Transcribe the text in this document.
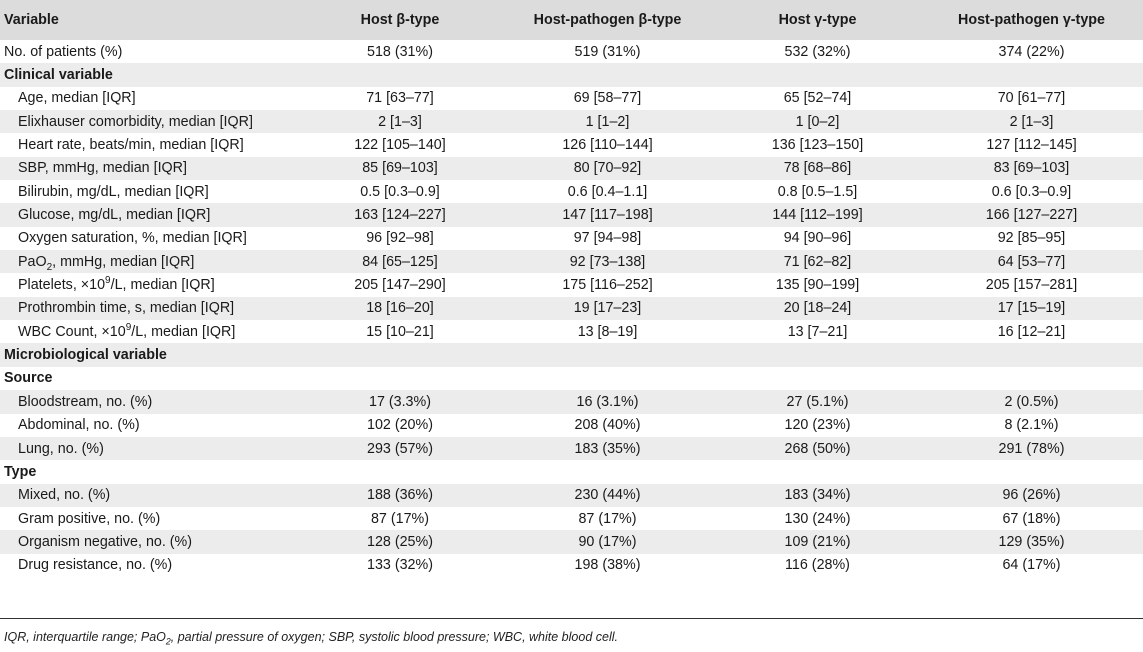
Variable	Host β-type	Host-pathogen β-type	Host γ-type	Host-pathogen γ-type
No. of patients (%)	518 (31%)	519 (31%)	532 (32%)	374 (22%)
Clinical variable				
Age, median [IQR]	71 [63–77]	69 [58–77]	65 [52–74]	70 [61–77]
Elixhauser comorbidity, median [IQR]	2 [1–3]	1 [1–2]	1 [0–2]	2 [1–3]
Heart rate, beats/min, median [IQR]	122 [105–140]	126 [110–144]	136 [123–150]	127 [112–145]
SBP, mmHg, median [IQR]	85 [69–103]	80 [70–92]	78 [68–86]	83 [69–103]
Bilirubin, mg/dL, median [IQR]	0.5 [0.3–0.9]	0.6 [0.4–1.1]	0.8 [0.5–1.5]	0.6 [0.3–0.9]
Glucose, mg/dL, median [IQR]	163 [124–227]	147 [117–198]	144 [112–199]	166 [127–227]
Oxygen saturation, %, median [IQR]	96 [92–98]	97 [94–98]	94 [90–96]	92 [85–95]
PaO$_2$, mmHg, median [IQR]	84 [65–125]	92 [73–138]	71 [62–82]	64 [53–77]
Platelets, $\times 10^9/L$, median [IQR]	205 [147–290]	175 [116–252]	135 [90–199]	205 [157–281]
Prothrombin time, s, median [IQR]	18 [16–20]	19 [17–23]	20 [18–24]	17 [15–19]
WBC Count, $\times 10^9/L$, median [IQR]	15 [10–21]	13 [8–19]	13 [7–21]	16 [12–21]
Microbiological variable				
Source				
Bloodstream, no. (%)	17 (3.3%)	16 (3.1%)	27 (5.1%)	2 (0.5%)
Abdominal, no. (%)	102 (20%)	208 (40%)	120 (23%)	8 (2.1%)
Lung, no. (%)	293 (57%)	183 (35%)	268 (50%)	291 (78%)
Type				
Mixed, no. (%)	188 (36%)	230 (44%)	183 (34%)	96 (26%)
Gram positive, no. (%)	87 (17%)	87 (17%)	130 (24%)	67 (18%)
Organism negative, no. (%)	128 (25%)	90 (17%)	109 (21%)	129 (35%)
Drug resistance, no. (%)	133 (32%)	198 (38%)	116 (28%)	64 (17%)
IQR, interquartile range; PaO$_2$, partial pressure of oxygen; SBP, systolic blood pressure; WBC, white blood cell.
